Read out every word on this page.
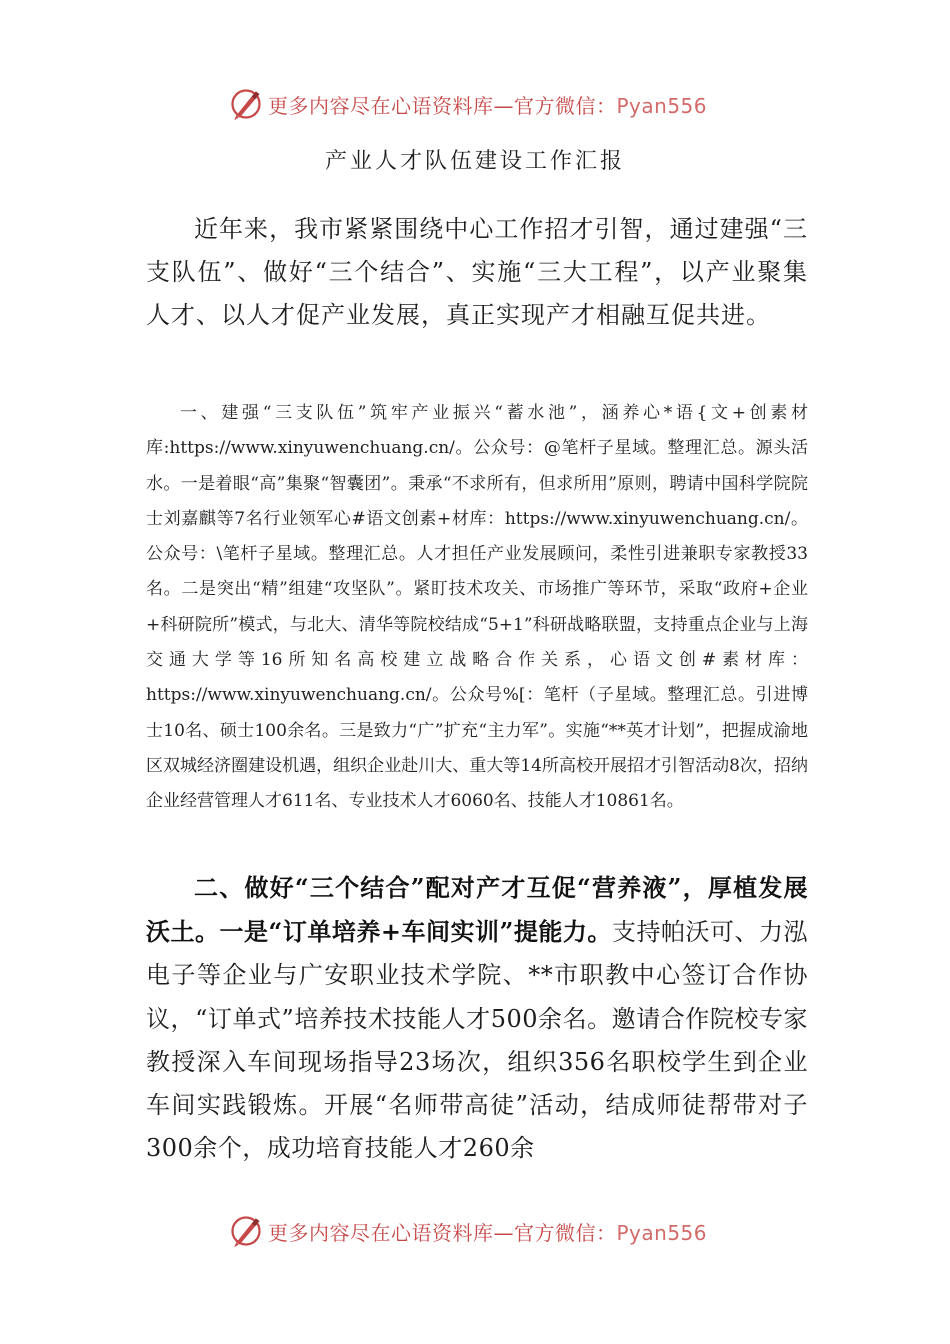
更多内容尽在心语资料库—官方微信：Pyan556
产业人才队伍建设工作汇报

近年来，我市紧紧围绕中心工作招才引智，通过建强“三支队伍”、做好“三个结合”、实施“三大工程”，以产业聚集人才、以人才促产业发展，真正实现产才相融互促共进。

一、建强“三支队伍”筑牢产业振兴“蓄水池”，涵养心*语{文+创素材库:https://www.xinyuwenchuang.cn/。公众号：@笔杆子星域。整理汇总。源头活水。一是着眼“高”集聚“智囊团”。秉承“不求所有，但求所用”原则，聘请中国科学院院士刘嘉麒等7名行业领军心#语文创素+材库：https://www.xinyuwenchuang.cn/。公众号：\笔杆子星域。整理汇总。人才担任产业发展顾问，柔性引进兼职专家教授33名。二是突出“精”组建“攻坚队”。紧盯技术攻关、市场推广等环节，采取“政府+企业+科研院所”模式，与北大、清华等院校结成“5+1”科研战略联盟，支持重点企业与上海交通大学等16所知名高校建立战略合作关系，心语文创#素材库：https://www.xinyuwenchuang.cn/。公众号%[：笔杆（子星域。整理汇总。引进博士10名、硕士100余名。三是致力“广”扩充“主力军”。实施“**英才计划”，把握成渝地区双城经济圈建设机遇，组织企业赴川大、重大等14所高校开展招才引智活动8次，招纳企业经营管理人才611名、专业技术人才6060名、技能人才10861名。

二、做好“三个结合”配对产才互促“营养液”，厚植发展沃土。一是“订单培养+车间实训”提能力。支持帕沃可、力泓电子等企业与广安职业技术学院、**市职教中心签订合作协议，“订单式”培养技术技能人才500余名。邀请合作院校专家教授深入车间现场指导23场次，组织356名职校学生到企业车间实践锻炼。开展“名师带高徒”活动，结成师徒帮带对子300余个，成功培育技能人才260余

更多内容尽在心语资料库—官方微信：Pyan556
